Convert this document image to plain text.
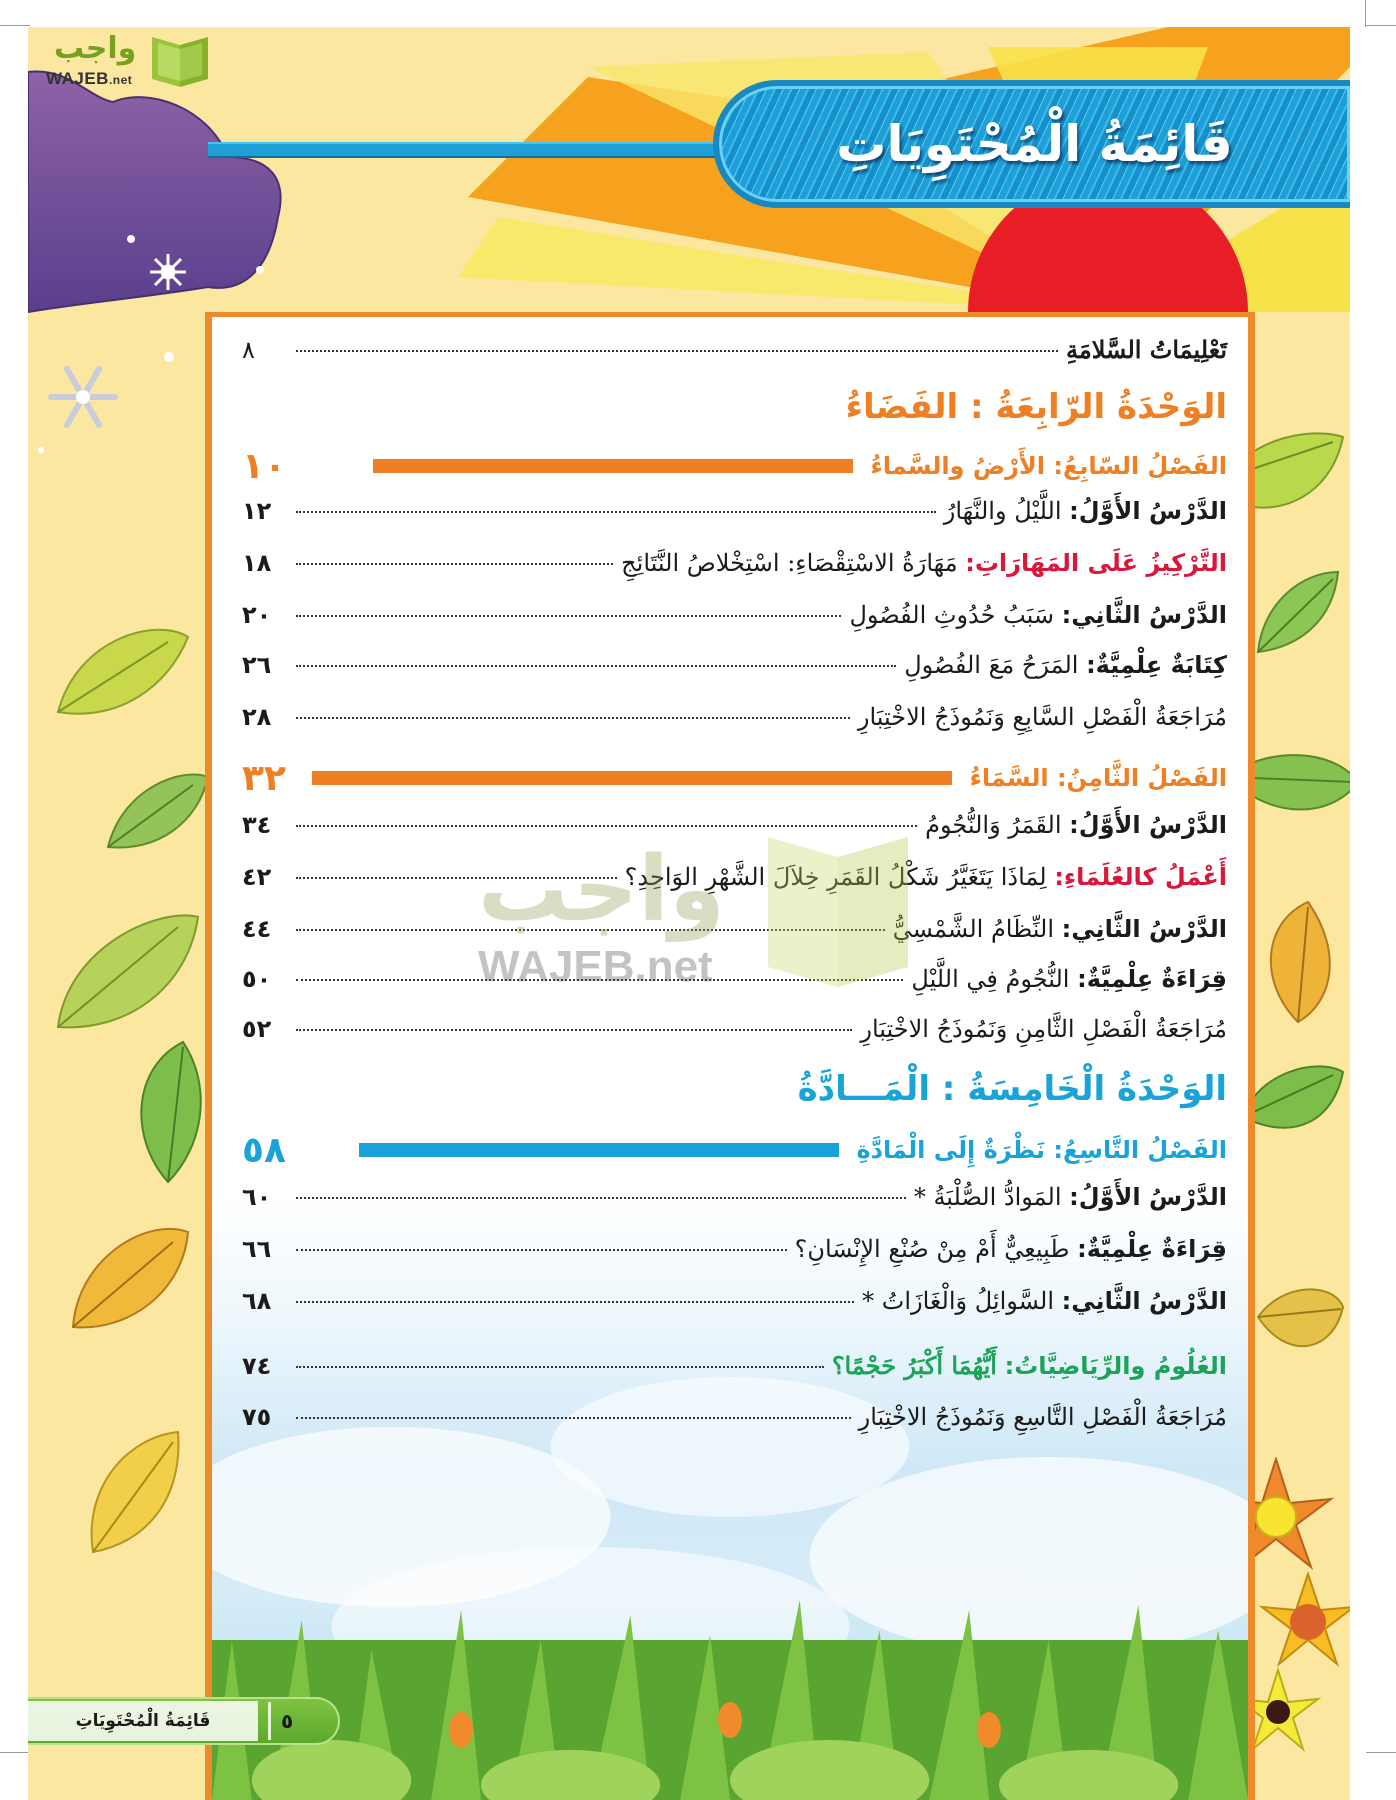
واجب
WAJEB.net
قَائِمَةُ الْمُحْتَوِيَاتِ
تَعْلِيمَاتُ السَّلامَةِ
٨
الوَحْدَةُ الرّابِعَةُ : الفَضَاءُ
الفَصْلُ السّابِعُ: الأَرْضُ والسَّماءُ
١٠
الدَّرْسُ الأَوَّلُ: اللَّيْلُ والنَّهَارُ
١٢
التَّرْكِيزُ عَلَى المَهَارَاتِ: مَهَارَةُ الاسْتِقْصَاءِ: اسْتِخْلاصُ النَّتَائِجِ
١٨
الدَّرْسُ الثَّانِي: سَبَبُ حُدُوثِ الفُصُولِ
٢٠
كِتَابَةٌ عِلْمِيَّةٌ: المَرَحُ مَعَ الفُصُولِ
٢٦
مُرَاجَعَةُ الْفَصْلِ السَّابِعِ وَنَمُوذَجُ الاخْتِبَارِ
٢٨
الفَصْلُ الثَّامِنُ: السَّمَاءُ
٣٢
الدَّرْسُ الأَوَّلُ: القَمَرُ وَالنُّجُومُ
٣٤
أَعْمَلُ كالعُلَمَاءِ: لِمَاذَا يَتَغَيَّرُ شَكْلُ القَمَرِ خِلاَلَ الشَّهْرِ الوَاحِدِ؟
٤٢
الدَّرْسُ الثَّانِي: النِّظَامُ الشَّمْسِيُّ
٤٤
قِرَاءَةٌ عِلْمِيَّةٌ: النُّجُومُ فِي اللَّيْلِ
٥٠
مُرَاجَعَةُ الْفَصْلِ الثَّامِنِ وَنَمُوذَجُ الاخْتِبَارِ
٥٢
الوَحْدَةُ الْخَامِسَةُ : الْمَـــادَّةُ
الفَصْلُ التَّاسِعُ: نَظْرَةٌ إِلَى الْمَادَّةِ
٥٨
الدَّرْسُ الأَوَّلُ: المَوادُّ الصُّلْبَةُ *
٦٠
قِرَاءَةٌ عِلْمِيَّةٌ: طَبِيعِيٌّ أَمْ مِنْ صُنْعِ الإِنْسَانِ؟
٦٦
الدَّرْسُ الثَّانِي: السَّوائِلُ وَالْغَازَاتُ *
٦٨
العُلُومُ والرِّيَاضِيَّاتُ: أَيُّهُمَا أَكْبَرُ حَجْمًا؟
٧٤
مُرَاجَعَةُ الْفَصْلِ التَّاسِعِ وَنَمُوذَجُ الاخْتِبَارِ
٧٥
واجب
WAJEB.net
قَائِمَةُ الْمُحْتَوِيَاتِ	٥
